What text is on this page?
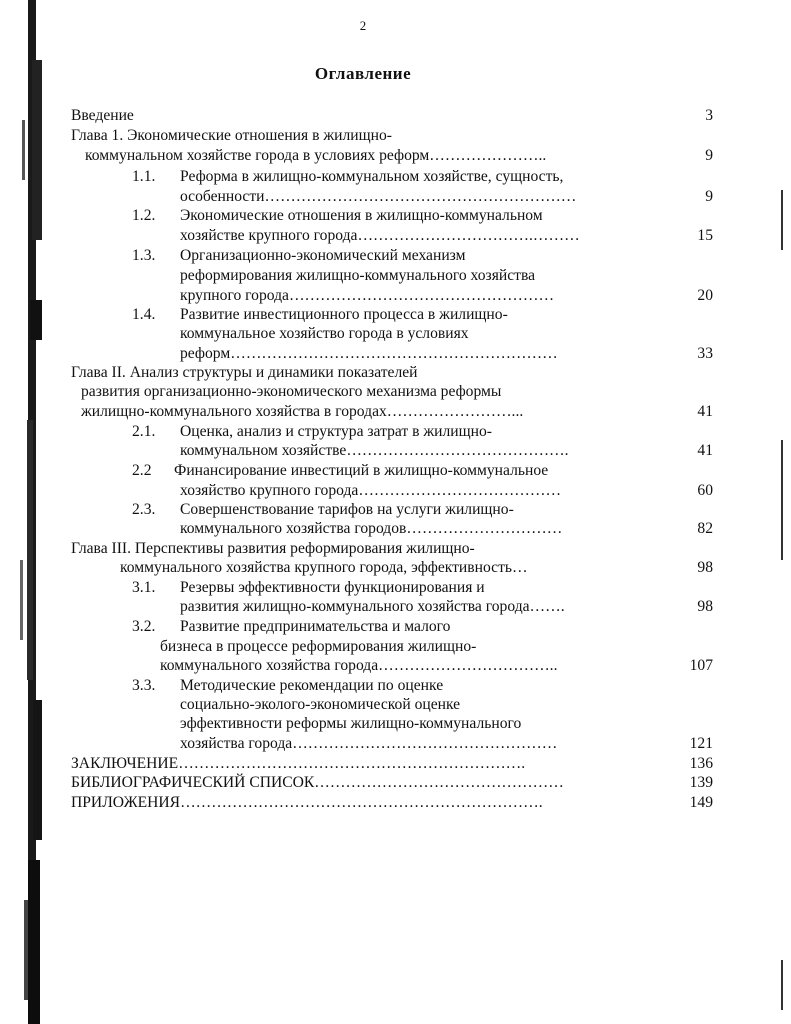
2
Оглавление
Введение	3
Глава 1. Экономические отношения в жилищно-
коммунальном хозяйстве города в условиях реформ…………………..	9
1.1. Реформа в жилищно-коммунальном хозяйстве, сущность,
особенности……………………………………………………	9
1.2. Экономические отношения в жилищно-коммунальном
хозяйстве крупного города…………………………….………	15
1.3. Организационно-экономический механизм
реформирования жилищно-коммунального хозяйства
крупного города……………………………………………	20
1.4. Развитие инвестиционного процесса в жилищно-
коммунальное хозяйство города в условиях
реформ………………………………………………………	33
Глава II. Анализ структуры и динамики показателей
развития организационно-экономического механизма реформы
жилищно-коммунального хозяйства в городах……………………...	41
2.1. Оценка, анализ и структура затрат в жилищно-
коммунальном хозяйстве…………………………………….	41
2.2 Финансирование инвестиций в жилищно-коммунальное
хозяйство крупного города…………………………………	60
2.3. Совершенствование тарифов на услуги жилищно-
коммунального хозяйства городов…………………………	82
Глава III. Перспективы развития реформирования жилищно-
коммунального хозяйства крупного города, эффективность…	98
3.1. Резервы эффективности функционирования и
развития жилищно-коммунального хозяйства города…….	98
3.2. Развитие предпринимательства и малого
бизнеса в процессе реформирования жилищно-
коммунального хозяйства города……………………………..	107
3.3. Методические рекомендации по оценке
социально-эколого-экономической оценке
эффективности реформы жилищно-коммунального
хозяйства города……………………………………………	121
ЗАКЛЮЧЕНИЕ………………………………………………………….	136
БИБЛИОГРАФИЧЕСКИЙ СПИСОК…………………………………………	139
ПРИЛОЖЕНИЯ…………………………………………………………….	149
